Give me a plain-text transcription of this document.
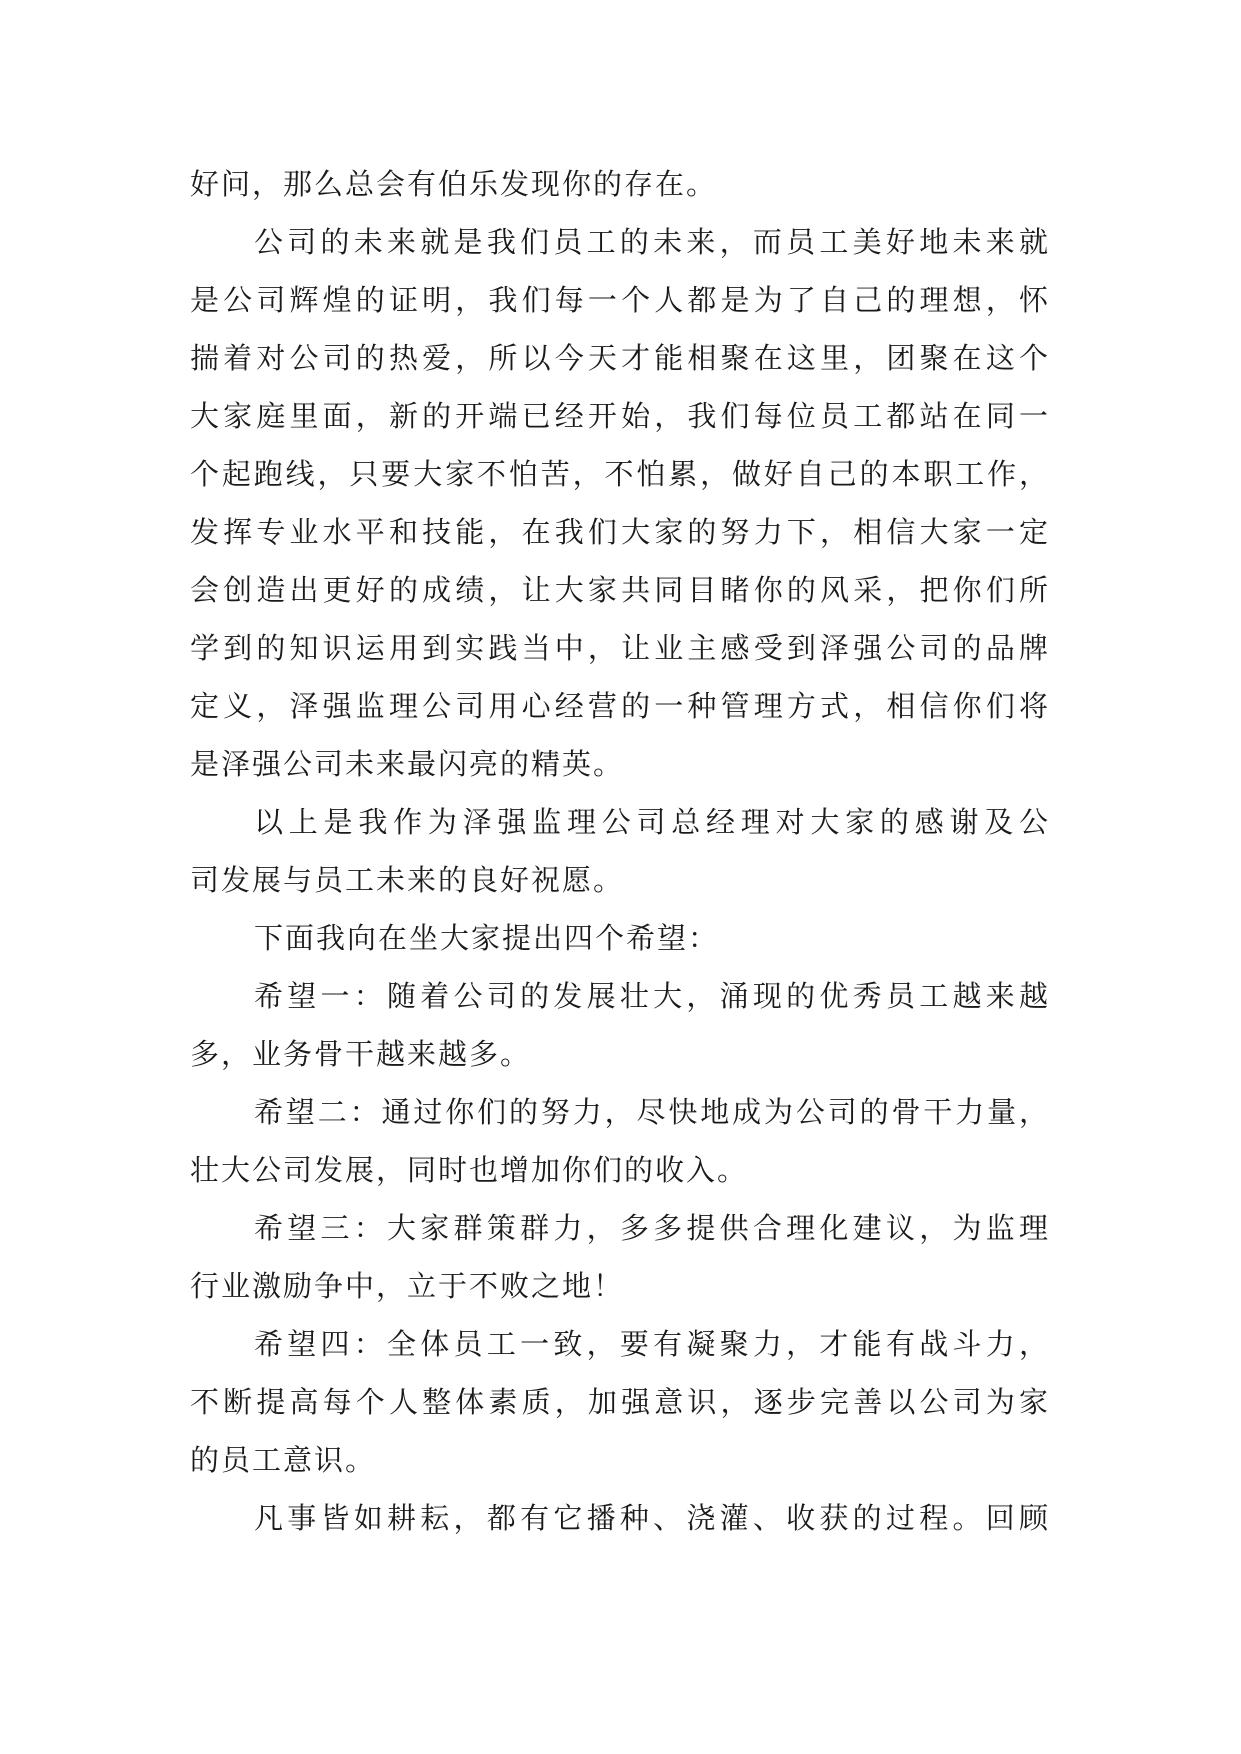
好问，那么总会有伯乐发现你的存在。
公司的未来就是我们员工的未来，而员工美好地未来就
是公司辉煌的证明，我们每一个人都是为了自己的理想，怀
揣着对公司的热爱，所以今天才能相聚在这里，团聚在这个
大家庭里面，新的开端已经开始，我们每位员工都站在同一
个起跑线，只要大家不怕苦，不怕累，做好自己的本职工作，
发挥专业水平和技能，在我们大家的努力下，相信大家一定
会创造出更好的成绩，让大家共同目睹你的风采，把你们所
学到的知识运用到实践当中，让业主感受到泽强公司的品牌
定义，泽强监理公司用心经营的一种管理方式，相信你们将
是泽强公司未来最闪亮的精英。
以上是我作为泽强监理公司总经理对大家的感谢及公
司发展与员工未来的良好祝愿。
下面我向在坐大家提出四个希望：
希望一：随着公司的发展壮大，涌现的优秀员工越来越
多，业务骨干越来越多。
希望二：通过你们的努力，尽快地成为公司的骨干力量，
壮大公司发展，同时也增加你们的收入。
希望三：大家群策群力，多多提供合理化建议，为监理
行业激励争中，立于不败之地！
希望四：全体员工一致，要有凝聚力，才能有战斗力，
不断提高每个人整体素质，加强意识，逐步完善以公司为家
的员工意识。
凡事皆如耕耘，都有它播种、浇灌、收获的过程。回顾
